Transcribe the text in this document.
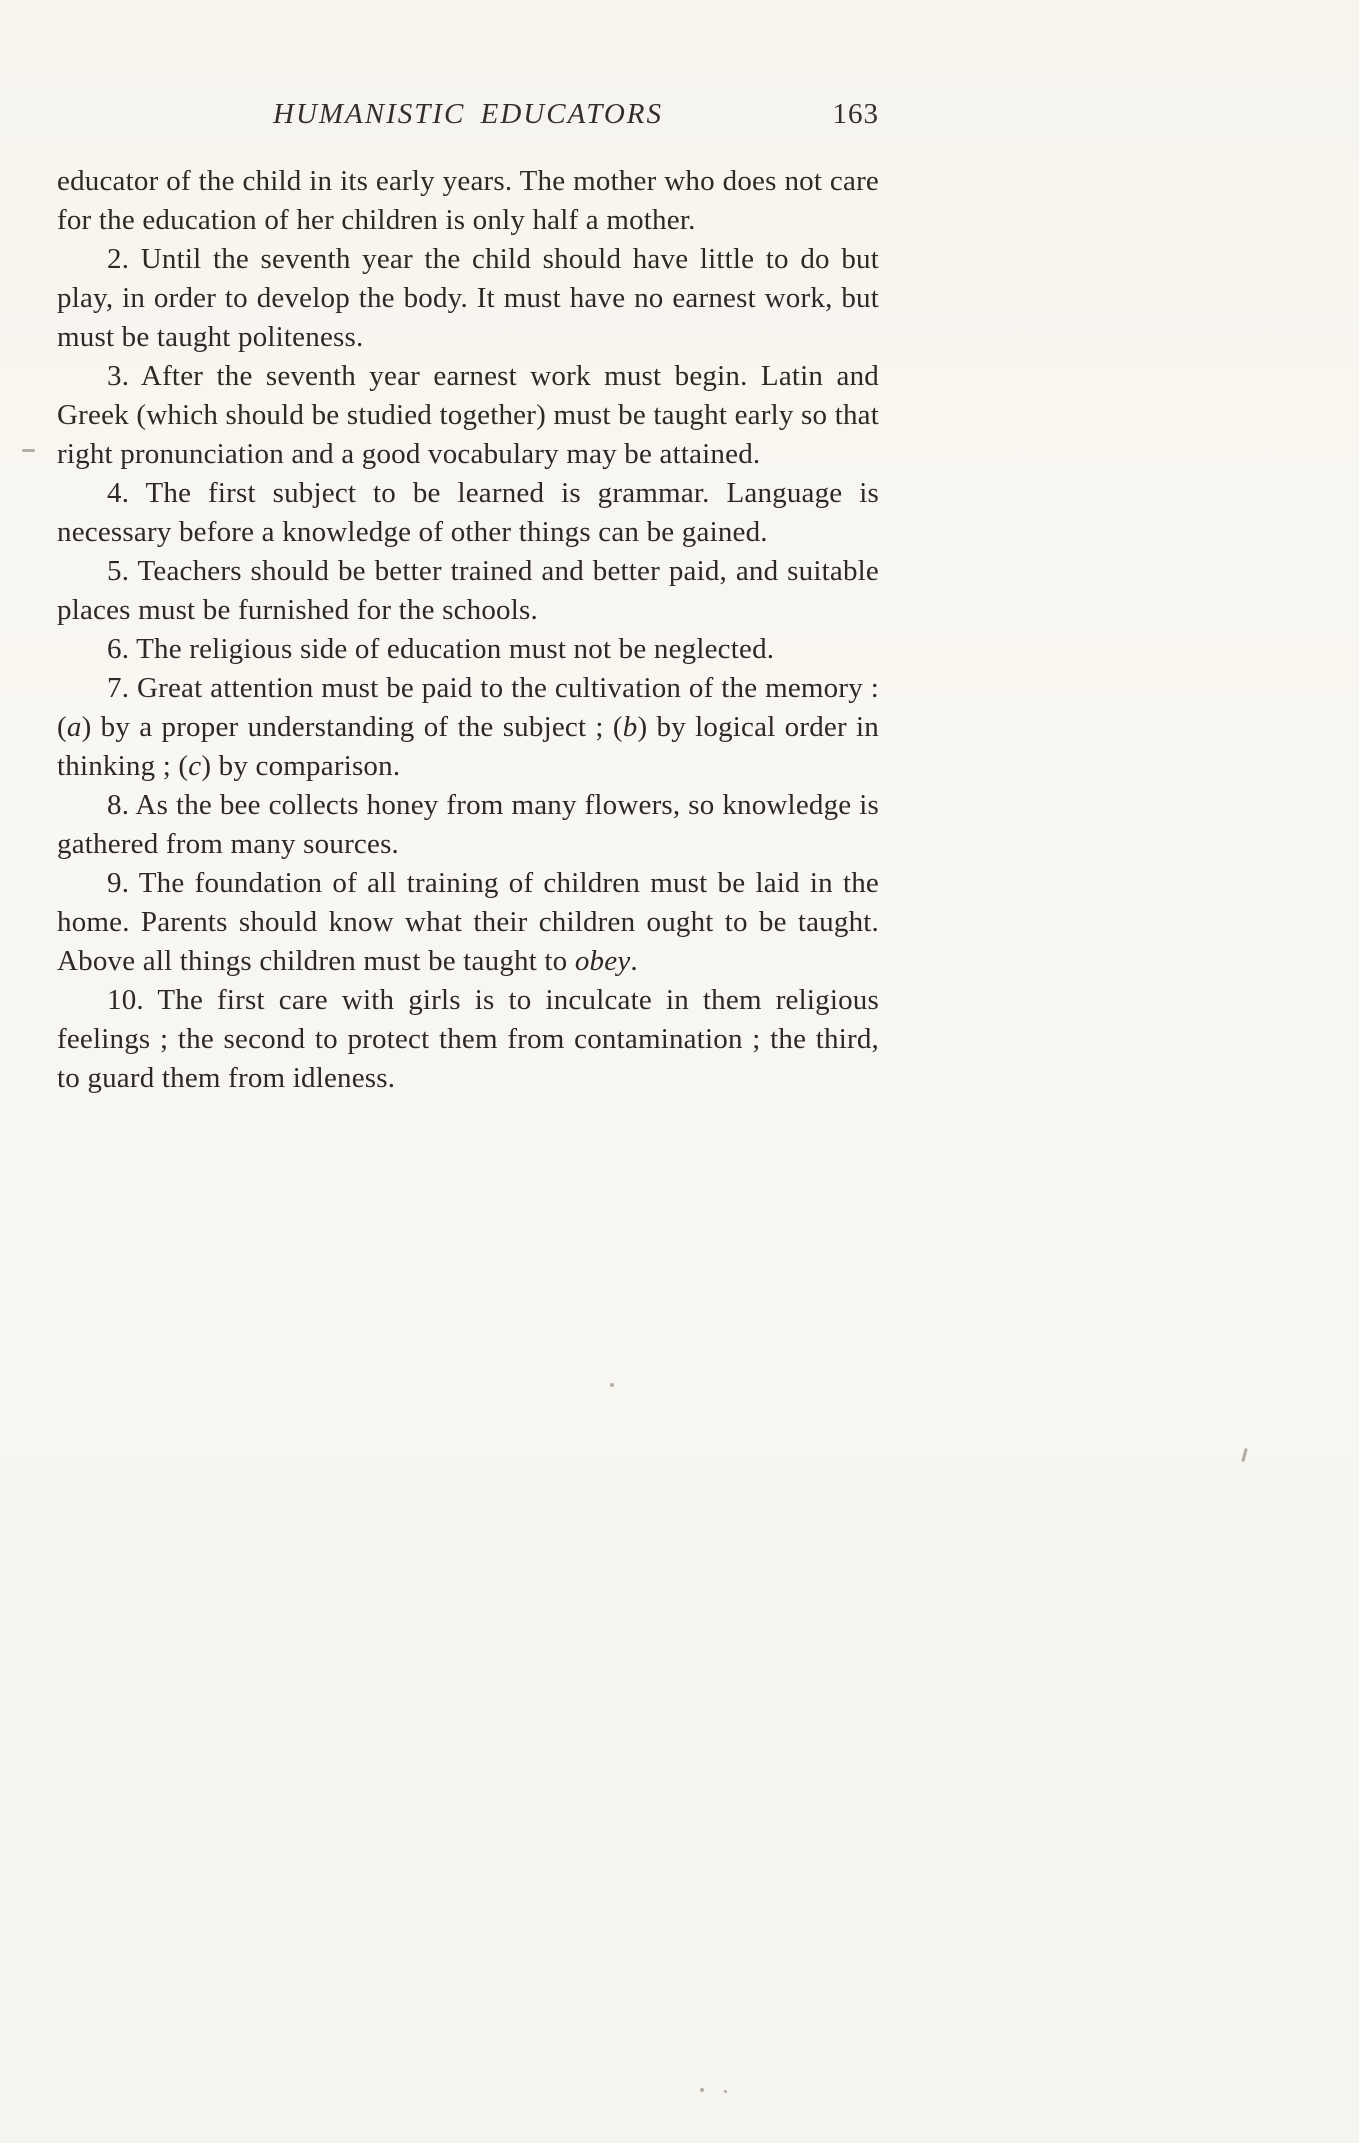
HUMANISTIC EDUCATORS	163

educator of the child in its early years. The mother who does not care for the education of her children is only half a mother.

2. Until the seventh year the child should have little to do but play, in order to develop the body. It must have no earnest work, but must be taught politeness.

3. After the seventh year earnest work must begin. Latin and Greek (which should be studied together) must be taught early so that right pronunciation and a good vocabulary may be attained.

4. The first subject to be learned is grammar. Language is necessary before a knowledge of other things can be gained.

5. Teachers should be better trained and better paid, and suitable places must be furnished for the schools.

6. The religious side of education must not be neglected.

7. Great attention must be paid to the cultivation of the memory : (a) by a proper understanding of the subject ; (b) by logical order in thinking ; (c) by comparison.

8. As the bee collects honey from many flowers, so knowledge is gathered from many sources.

9. The foundation of all training of children must be laid in the home. Parents should know what their children ought to be taught. Above all things children must be taught to obey.

10. The first care with girls is to inculcate in them religious feelings ; the second to protect them from contamination ; the third, to guard them from idleness.
